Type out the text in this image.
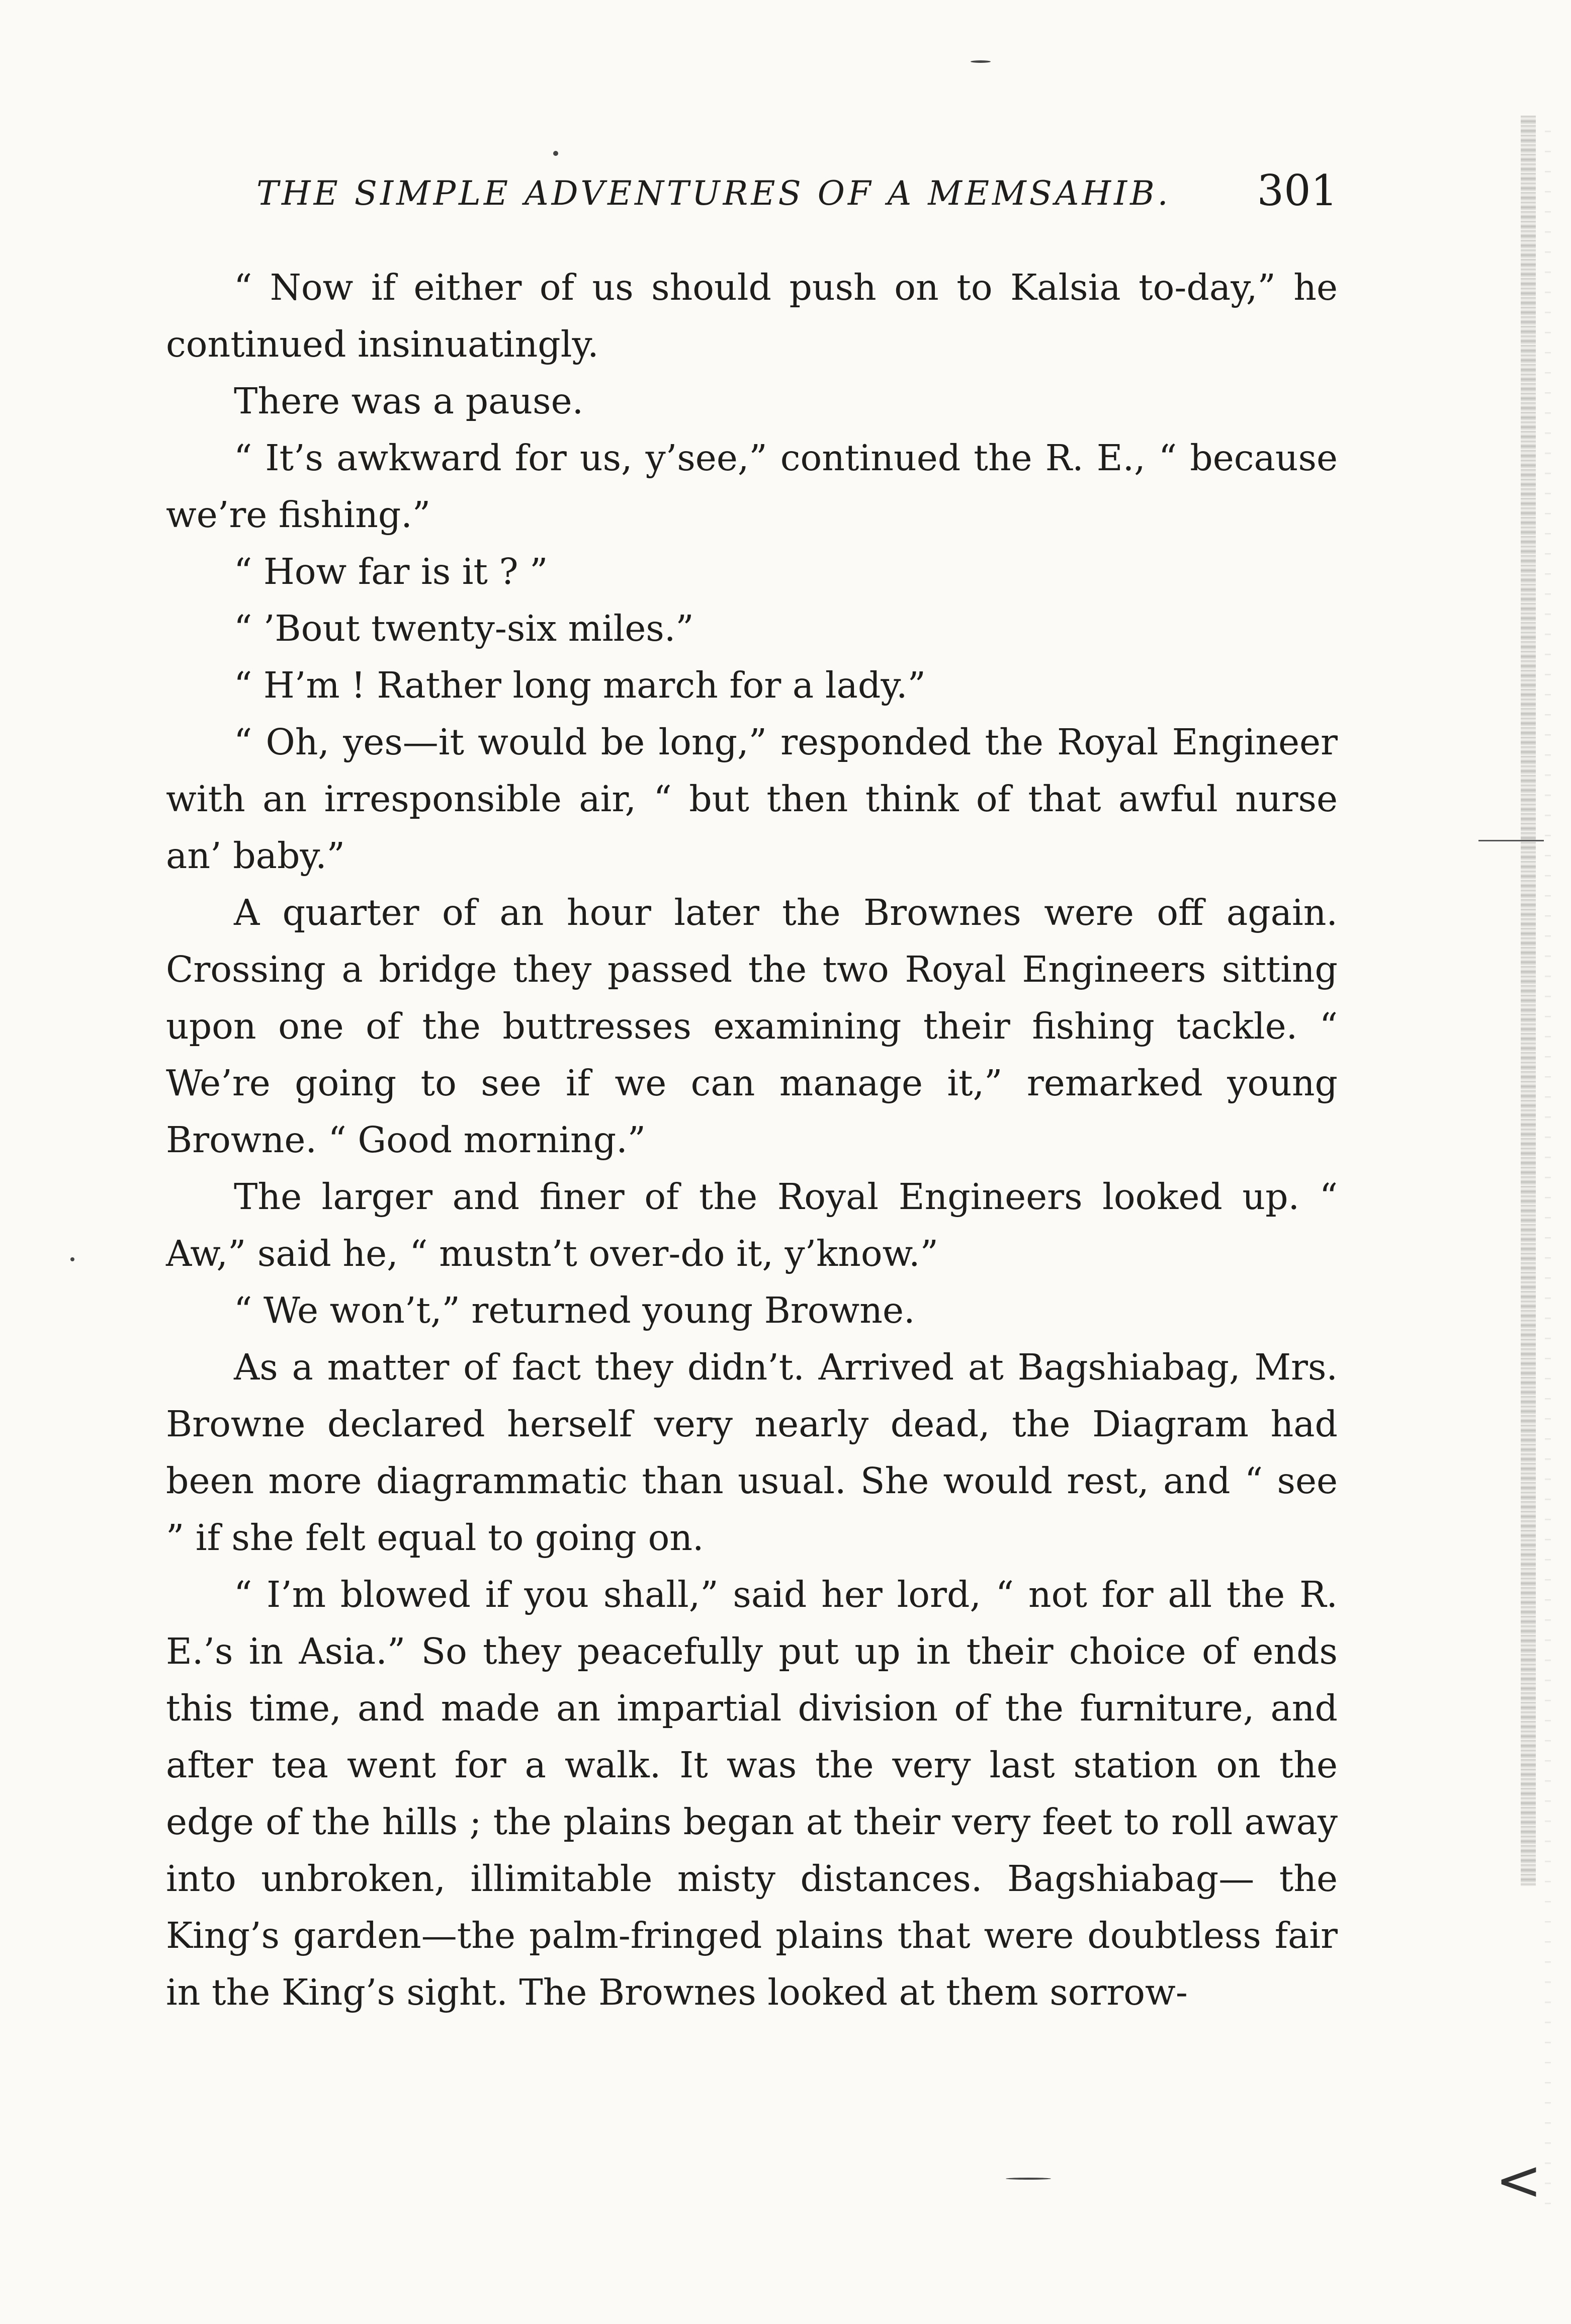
<
THE SIMPLE ADVENTURES OF A MEMSAHIB. 301

“ Now if either of us should push on to Kalsia to-day,” he continued insinuatingly.

There was a pause.

“ It’s awkward for us, y’see,” continued the R. E., “ because we’re fishing.”

“ How far is it ? ”

“ ’Bout twenty-six miles.”

“ H’m ! Rather long march for a lady.”

“ Oh, yes—it would be long,” responded the Royal Engineer with an irresponsible air, “ but then think of that awful nurse an’ baby.”

A quarter of an hour later the Brownes were off again. Crossing a bridge they passed the two Royal Engineers sitting upon one of the buttresses examining their fishing tackle. “ We’re going to see if we can manage it,” remarked young Browne. “ Good morning.”

The larger and finer of the Royal Engineers looked up. “ Aw,” said he, “ mustn’t over-do it, y’know.”

“ We won’t,” returned young Browne.

As a matter of fact they didn’t. Arrived at Bagshiabag, Mrs. Browne declared herself very nearly dead, the Diagram had been more diagrammatic than usual. She would rest, and “ see ” if she felt equal to going on.

“ I’m blowed if you shall,” said her lord, “ not for all the R. E.’s in Asia.” So they peacefully put up in their choice of ends this time, and made an impartial division of the furniture, and after tea went for a walk. It was the very last station on the edge of the hills ; the plains began at their very feet to roll away into unbroken, illimitable misty distances. Bagshiabag— the King’s garden—the palm-fringed plains that were doubtless fair in the King’s sight. The Brownes looked at them sorrow-
